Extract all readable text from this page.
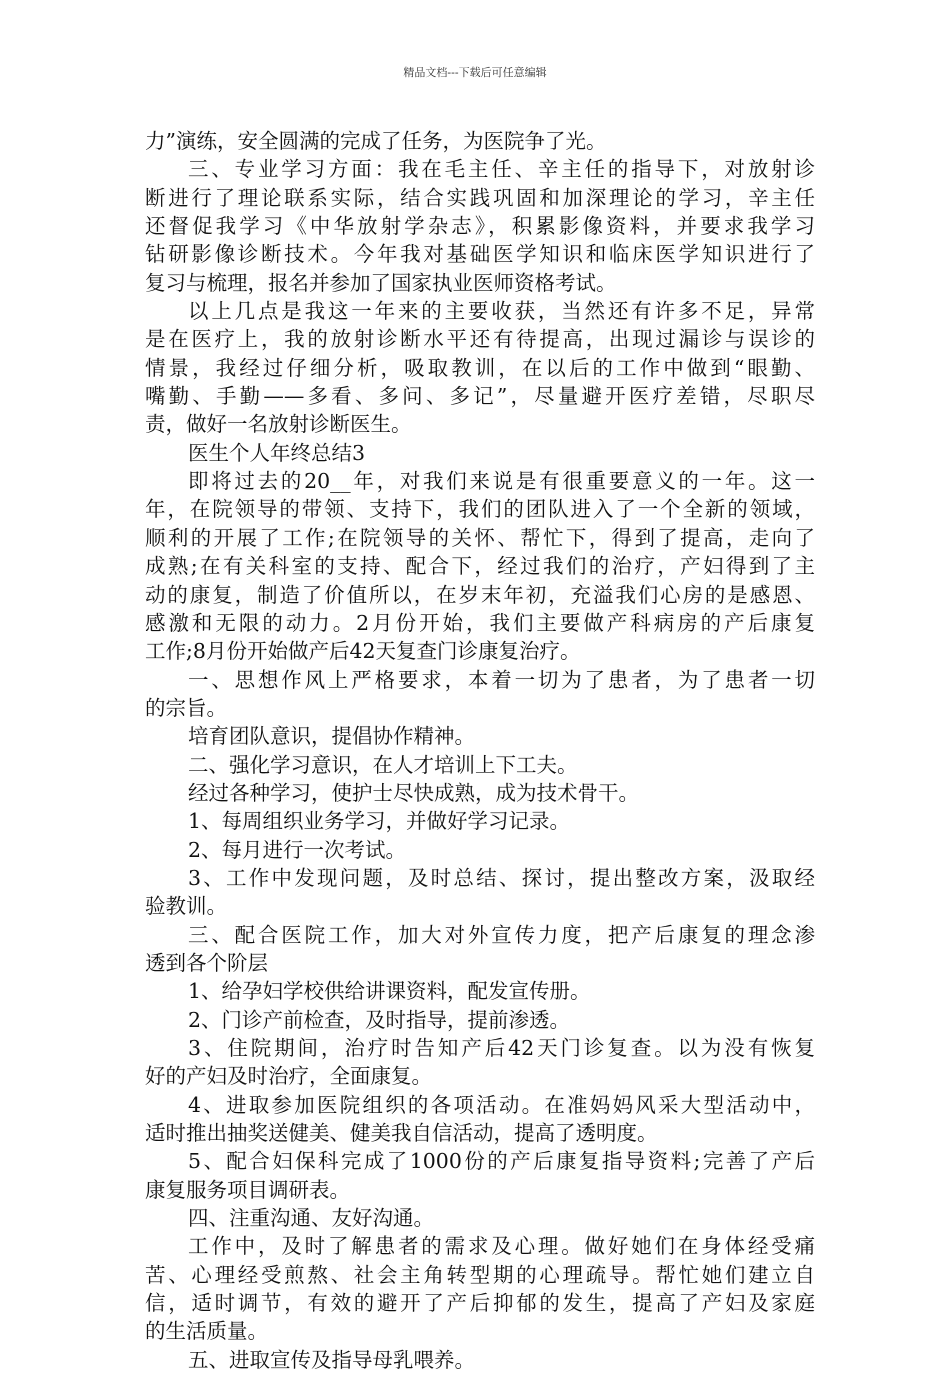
精品文档---下载后可任意编辑

力”演练，安全圆满的完成了任务，为医院争了光。

三、专业学习方面：我在毛主任、辛主任的指导下，对放射诊

断进行了理论联系实际，结合实践巩固和加深理论的学习，辛主任

还督促我学习《中华放射学杂志》，积累影像资料，并要求我学习

钻研影像诊断技术。今年我对基础医学知识和临床医学知识进行了

复习与梳理，报名并参加了国家执业医师资格考试。

以上几点是我这一年来的主要收获，当然还有许多不足，异常

是在医疗上，我的放射诊断水平还有待提高，出现过漏诊与误诊的

情景，我经过仔细分析，吸取教训，在以后的工作中做到“眼勤、

嘴勤、手勤——多看、多问、多记”，尽量避开医疗差错，尽职尽

责，做好一名放射诊断医生。

医生个人年终总结3

即将过去的20__年，对我们来说是有很重要意义的一年。这一

年，在院领导的带领、支持下，我们的团队进入了一个全新的领域，

顺利的开展了工作;在院领导的关怀、帮忙下，得到了提高，走向了

成熟;在有关科室的支持、配合下，经过我们的治疗，产妇得到了主

动的康复，制造了价值所以，在岁末年初，充溢我们心房的是感恩、

感激和无限的动力。2月份开始，我们主要做产科病房的产后康复

工作;8月份开始做产后42天复查门诊康复治疗。

一、思想作风上严格要求，本着一切为了患者，为了患者一切

的宗旨。

培育团队意识，提倡协作精神。

二、强化学习意识，在人才培训上下工夫。

经过各种学习，使护士尽快成熟，成为技术骨干。

1、每周组织业务学习，并做好学习记录。

2、每月进行一次考试。

3、工作中发现问题，及时总结、探讨，提出整改方案，汲取经

验教训。

三、配合医院工作，加大对外宣传力度，把产后康复的理念渗

透到各个阶层

1、给孕妇学校供给讲课资料，配发宣传册。

2、门诊产前检查，及时指导，提前渗透。

3、住院期间，治疗时告知产后42天门诊复查。以为没有恢复

好的产妇及时治疗，全面康复。

4、进取参加医院组织的各项活动。在准妈妈风采大型活动中，

适时推出抽奖送健美、健美我自信活动，提高了透明度。

5、配合妇保科完成了1000份的产后康复指导资料;完善了产后

康复服务项目调研表。

四、注重沟通、友好沟通。

工作中，及时了解患者的需求及心理。做好她们在身体经受痛

苦、心理经受煎熬、社会主角转型期的心理疏导。帮忙她们建立自

信，适时调节，有效的避开了产后抑郁的发生，提高了产妇及家庭

的生活质量。

五、进取宣传及指导母乳喂养。
